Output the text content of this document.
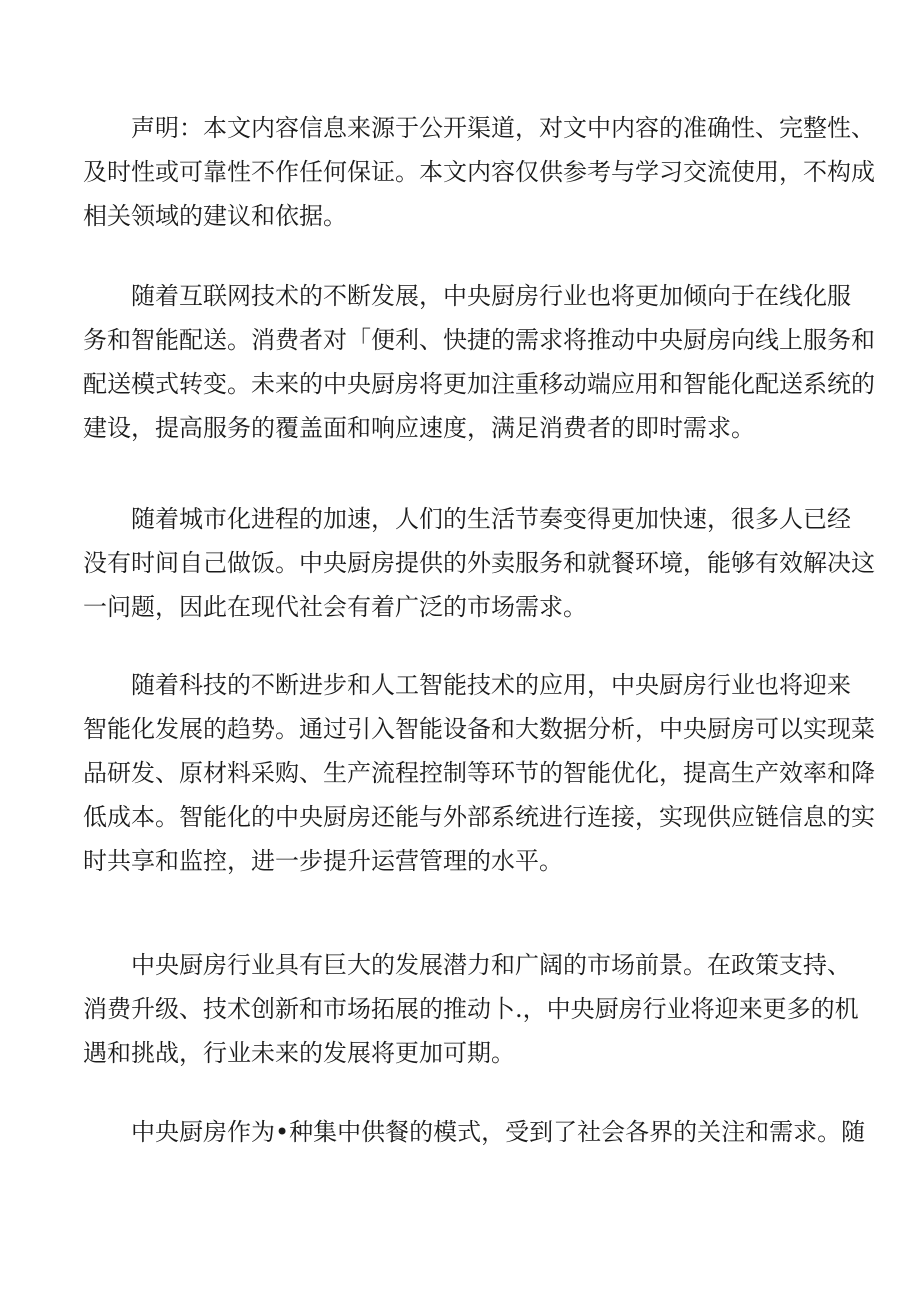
声明：本文内容信息来源于公开渠道，对文中内容的准确性、完整性、
及时性或可靠性不作任何保证。本文内容仅供参考与学习交流使用，不构成
相关领域的建议和依据。

随着互联网技术的不断发展，中央厨房行业也将更加倾向于在线化服
务和智能配送。消费者对「便利、快捷的需求将推动中央厨房向线上服务和
配送模式转变。未来的中央厨房将更加注重移动端应用和智能化配送系统的
建设，提高服务的覆盖面和响应速度，满足消费者的即时需求。

随着城市化进程的加速，人们的生活节奏变得更加快速，很多人已经
没有时间自己做饭。中央厨房提供的外卖服务和就餐环境，能够有效解决这
一问题，因此在现代社会有着广泛的市场需求。

随着科技的不断进步和人工智能技术的应用，中央厨房行业也将迎来
智能化发展的趋势。通过引入智能设备和大数据分析，中央厨房可以实现菜
品研发、原材料采购、生产流程控制等环节的智能优化，提高生产效率和降
低成本。智能化的中央厨房还能与外部系统进行连接，实现供应链信息的实
时共享和监控，进一步提升运营管理的水平。

中央厨房行业具有巨大的发展潜力和广阔的市场前景。在政策支持、
消费升级、技术创新和市场拓展的推动卜.，中央厨房行业将迎来更多的机
遇和挑战，行业未来的发展将更加可期。

中央厨房作为•种集中供餐的模式，受到了社会各界的关注和需求。随
